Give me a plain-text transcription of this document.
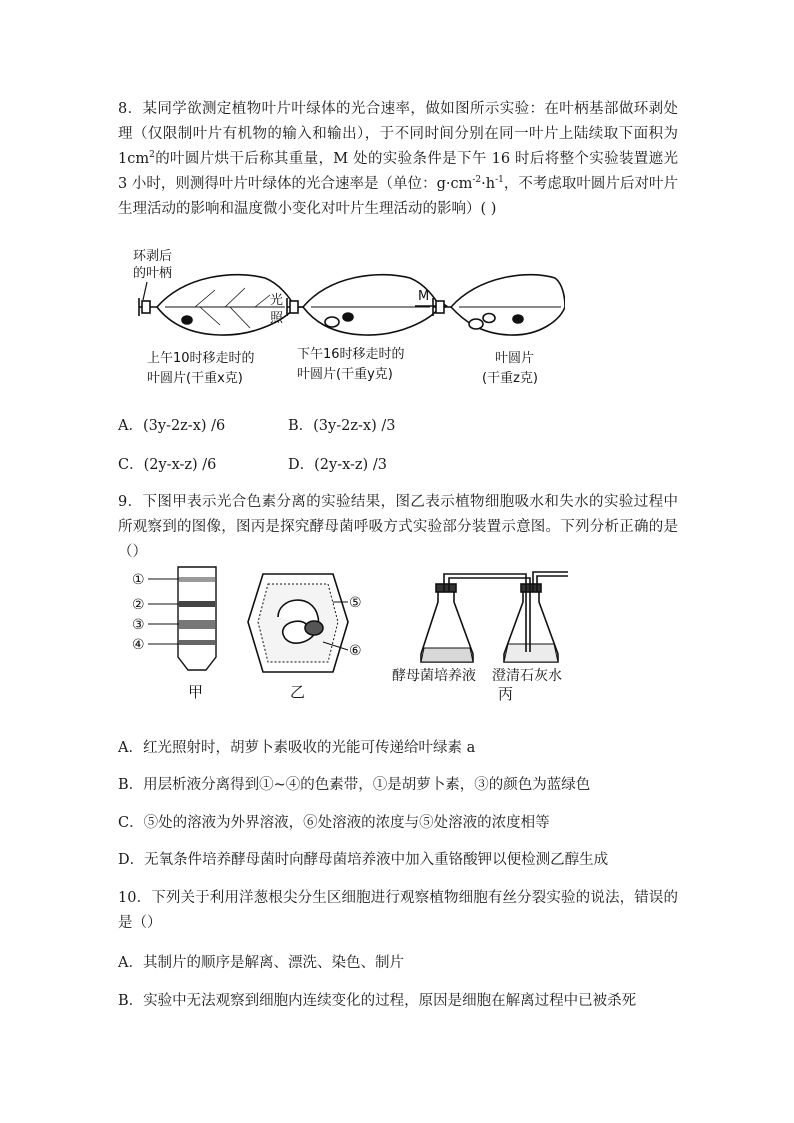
8．某同学欲测定植物叶片叶绿体的光合速率，做如图所示实验：在叶柄基部做环剥处理（仅限制叶片有机物的输入和输出），于不同时间分别在同一叶片上陆续取下面积为 $1cm^2$的叶圆片烘干后称其重量，M 处的实验条件是下午 16 时后将整个实验装置遮光 3 小时，则测得叶片叶绿体的光合速率是（单位：$g\cdot cm^{-2}\cdot h^{-1}$，不考虑取叶圆片后对叶片生理活动的影响和温度微小变化对叶片生理活动的影响）( )
环剥后
的叶柄
光
照
M
上午10时移走时的
叶圆片(干重x克)
下午16时移走时的
叶圆片(干重y克)
叶圆片
(干重z克)
A．(3y-2z-x) /6	B．(3y-2z-x) /3
C．(2y-x-z) /6	D．(2y-x-z) /3
9．下图甲表示光合色素分离的实验结果，图乙表示植物细胞吸水和失水的实验过程中所观察到的图像，图丙是探究酵母菌呼吸方式实验部分装置示意图。下列分析正确的是（）
①
②
③
④
甲
⑤
⑥
乙
酵母菌培养液 澄清石灰水
丙
A．红光照射时，胡萝卜素吸收的光能可传递给叶绿素 a
B．用层析液分离得到①~④的色素带，①是胡萝卜素，③的颜色为蓝绿色
C．⑤处的溶液为外界溶液，⑥处溶液的浓度与⑤处溶液的浓度相等
D．无氧条件培养酵母菌时向酵母菌培养液中加入重铬酸钾以便检测乙醇生成
10．下列关于利用洋葱根尖分生区细胞进行观察植物细胞有丝分裂实验的说法，错误的是（）
A．其制片的顺序是解离、漂洗、染色、制片
B．实验中无法观察到细胞内连续变化的过程，原因是细胞在解离过程中已被杀死
